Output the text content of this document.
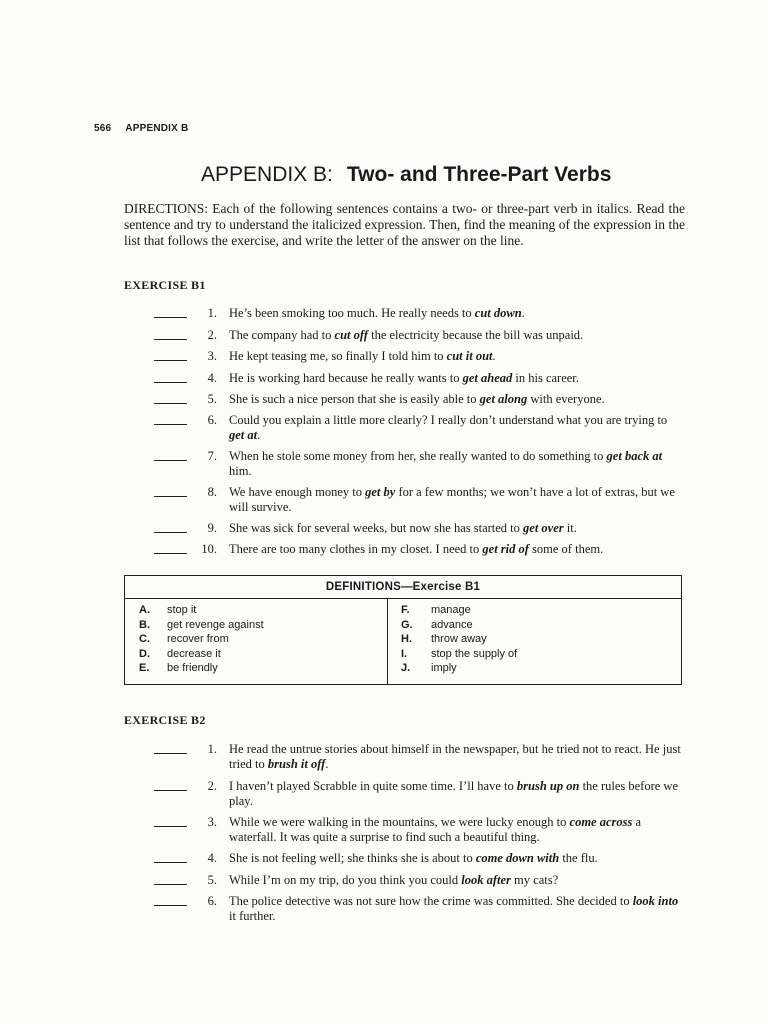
566 APPENDIX B
APPENDIX B: Two- and Three-Part Verbs

DIRECTIONS: Each of the following sentences contains a two- or three-part verb in italics. Read the sentence and try to understand the italicized expression. Then, find the meaning of the expression in the list that follows the exercise, and write the letter of the answer on the line.

EXERCISE B1
1. He’s been smoking too much. He really needs to cut down.
2. The company had to cut off the electricity because the bill was unpaid.
3. He kept teasing me, so finally I told him to cut it out.
4. He is working hard because he really wants to get ahead in his career.
5. She is such a nice person that she is easily able to get along with everyone.
6. Could you explain a little more clearly? I really don’t understand what you are trying to get at.
7. When he stole some money from her, she really wanted to do something to get back at him.
8. We have enough money to get by for a few months; we won’t have a lot of extras, but we will survive.
9. She was sick for several weeks, but now she has started to get over it.
10. There are too many clothes in my closet. I need to get rid of some of them.
DEFINITIONS—Exercise B1
A.	stop it
B.	get revenge against
C.	recover from
D.	decrease it
E.	be friendly
F.	manage
G.	advance
H.	throw away
I.	stop the supply of
J.	imply
EXERCISE B2
1. He read the untrue stories about himself in the newspaper, but he tried not to react. He just tried to brush it off.
2. I haven’t played Scrabble in quite some time. I’ll have to brush up on the rules before we play.
3. While we were walking in the mountains, we were lucky enough to come across a waterfall. It was quite a surprise to find such a beautiful thing.
4. She is not feeling well; she thinks she is about to come down with the flu.
5. While I’m on my trip, do you think you could look after my cats?
6. The police detective was not sure how the crime was committed. She decided to look into it further.
